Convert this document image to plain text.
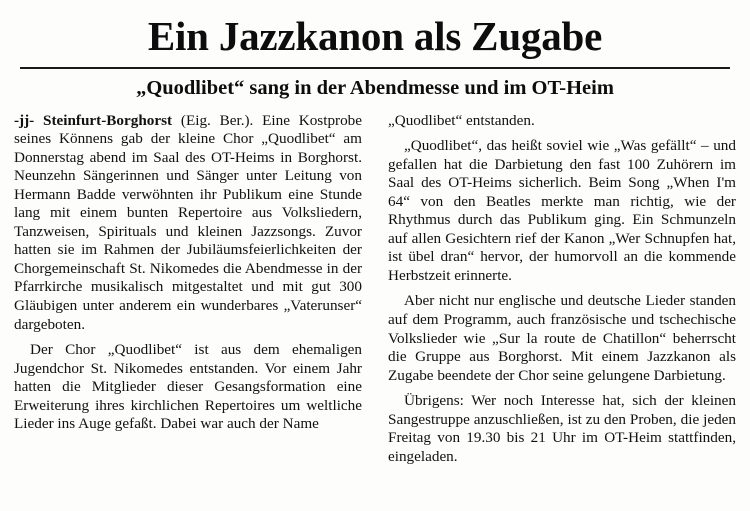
Ein Jazzkanon als Zugabe
„Quodlibet“ sang in der Abendmesse und im OT-Heim

-jj- Steinfurt-Borghorst (Eig. Ber.). Eine Kostprobe seines Könnens gab der kleine Chor „Quodlibet“ am Donnerstag abend im Saal des OT-Heims in Borghorst. Neunzehn Sängerinnen und Sänger unter Leitung von Hermann Badde verwöhnten ihr Publikum eine Stunde lang mit einem bunten Repertoire aus Volksliedern, Tanzweisen, Spirituals und kleinen Jazzsongs. Zuvor hatten sie im Rahmen der Jubiläumsfeierlichkeiten der Chorgemeinschaft St. Nikomedes die Abendmesse in der Pfarrkirche musikalisch mitgestaltet und mit gut 300 Gläubigen unter anderem ein wunderbares „Vaterunser“ dargeboten.

Der Chor „Quodlibet“ ist aus dem ehemaligen Jugendchor St. Nikomedes entstanden. Vor einem Jahr hatten die Mitglieder dieser Gesangsformation eine Erweiterung ihres kirchlichen Repertoires um weltliche Lieder ins Auge gefaßt. Dabei war auch der Name

„Quodlibet“ entstanden.

„Quodlibet“, das heißt soviel wie „Was gefällt“ – und gefallen hat die Darbietung den fast 100 Zuhörern im Saal des OT-Heims sicherlich. Beim Song „When I'm 64“ von den Beatles merkte man richtig, wie der Rhythmus durch das Publikum ging. Ein Schmunzeln auf allen Gesichtern rief der Kanon „Wer Schnupfen hat, ist übel dran“ hervor, der humorvoll an die kommende Herbstzeit erinnerte.

Aber nicht nur englische und deutsche Lieder standen auf dem Programm, auch französische und tschechische Volkslieder wie „Sur la route de Chatillon“ beherrscht die Gruppe aus Borghorst. Mit einem Jazzkanon als Zugabe beendete der Chor seine gelungene Darbietung.

Übrigens: Wer noch Interesse hat, sich der kleinen Sangestruppe anzuschließen, ist zu den Proben, die jeden Freitag von 19.30 bis 21 Uhr im OT-Heim stattfinden, eingeladen.
